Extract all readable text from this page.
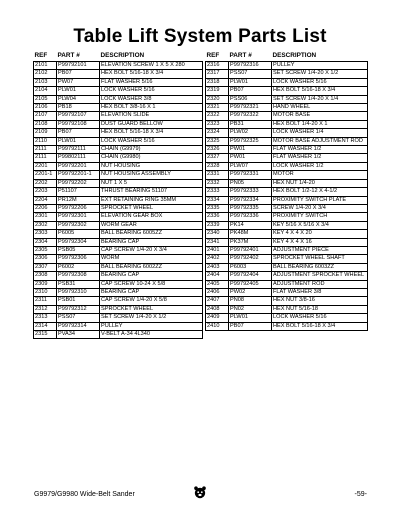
Table Lift System Parts List
REF	PART #	DESCRIPTION
2101	P99792101	ELEVATION SCREW 1 X 5 X 280
2102	PB07	HEX BOLT 5/16-18 X 3/4
2103	PW07	FLAT WASHER 5/16
2104	PLW01	LOCK WASHER 5/16
2105	PLW04	LOCK WASHER 3/8
2106	PB18	HEX BOLT 3/8-16 X 1
2107	P99792107	ELEVATION SLIDE
2108	P99792108	DUST GUARD BELLOW
2109	PB07	HEX BOLT 5/16-18 X 3/4
2110	PLW01	LOCK WASHER 5/16
2111	P99792111	CHAIN (G9979)
2111	P99802111	CHAIN (G9980)
2201	P99792201	NUT HOUSING
2201-1	P99792201-1	NUT HOUSING ASSEMBLY
2202	P99792202	NUT 1 X 5
2203	P51107	THRUST BEARING 51107
2204	PR12M	EXT RETAINING RING 35MM
2206	P99792206	SPROCKET WHEEL
2301	P99792301	ELEVATION GEAR BOX
2302	P99792302	WORM GEAR
2303	P6005	BALL BEARING 6005ZZ
2304	P99792304	BEARING CAP
2305	PSB05	CAP SCREW 1/4-20 X 3/4
2306	P99792306	WORM
2307	P6002	BALL BEARING 6002ZZ
2308	P99792308	BEARING CAP
2309	PSB31	CAP SCREW 10-24 X 5/8
2310	P99792310	BEARING CAP
2311	PSB01	CAP SCREW 1/4-20 X 5/8
2312	P99792312	SPROCKET WHEEL
2313	PSS07	SET SCREW 1/4-20 X 1/2
2314	P99792314	PULLEY
2315	PVA34	V-BELT A-34 4L340
REF	PART #	DESCRIPTION
2316	P99792316	PULLEY
2317	PSS07	SET SCREW 1/4-20 X 1/2
2318	PLW01	LOCK WASHER 5/16
2319	PB07	HEX BOLT 5/16-18 X 3/4
2320	PSS06	SET SCREW 1/4-20 X 1/4
2321	P99792321	HAND WHEEL
2322	P99792322	MOTOR BASE
2323	PB31	HEX BOLT 1/4-20 X 1
2324	PLW02	LOCK WASHER 1/4
2325	P99792325	MOTOR BASE ADJUSTMENT ROD
2326	PW01	FLAT WASHER 1/2
2327	PW01	FLAT WASHER 1/2
2328	PLW07	LOCK WASHER 1/2
2331	P99792331	MOTOR
2332	PN05	HEX NUT 1/4-20
2333	P99792333	HEX BOLT 1/2-12 X 4-1/2
2334	P99792334	PROXIMITY SWITCH PLATE
2335	P99792335	SCREW 1/4-20 X 3/4
2336	P99792336	PROXIMITY SWITCH
2339	PK14	KEY 5/16 X 5/16 X 3/4
2340	PK48M	KEY 4 X 4 X 20
2341	PK37M	KEY 4 X 4 X 16
2401	P99792401	ADJUSTMENT PIECE
2402	P99792402	SPROCKET WHEEL SHAFT
2403	P6003	BALL BEARING 6003ZZ
2404	P99792404	ADJUSTMENT SPROCKET WHEEL
2405	P99792405	ADJUSTMENT ROD
2406	PW02	FLAT WASHER 3/8
2407	PN08	HEX NUT 3/8-16
2408	PN02	HEX NUT 5/16-18
2409	PLW01	LOCK WASHER 5/16
2410	PB07	HEX BOLT 5/16-18 X 3/4
G9979/G9980 Wide-Belt Sander	-59-
